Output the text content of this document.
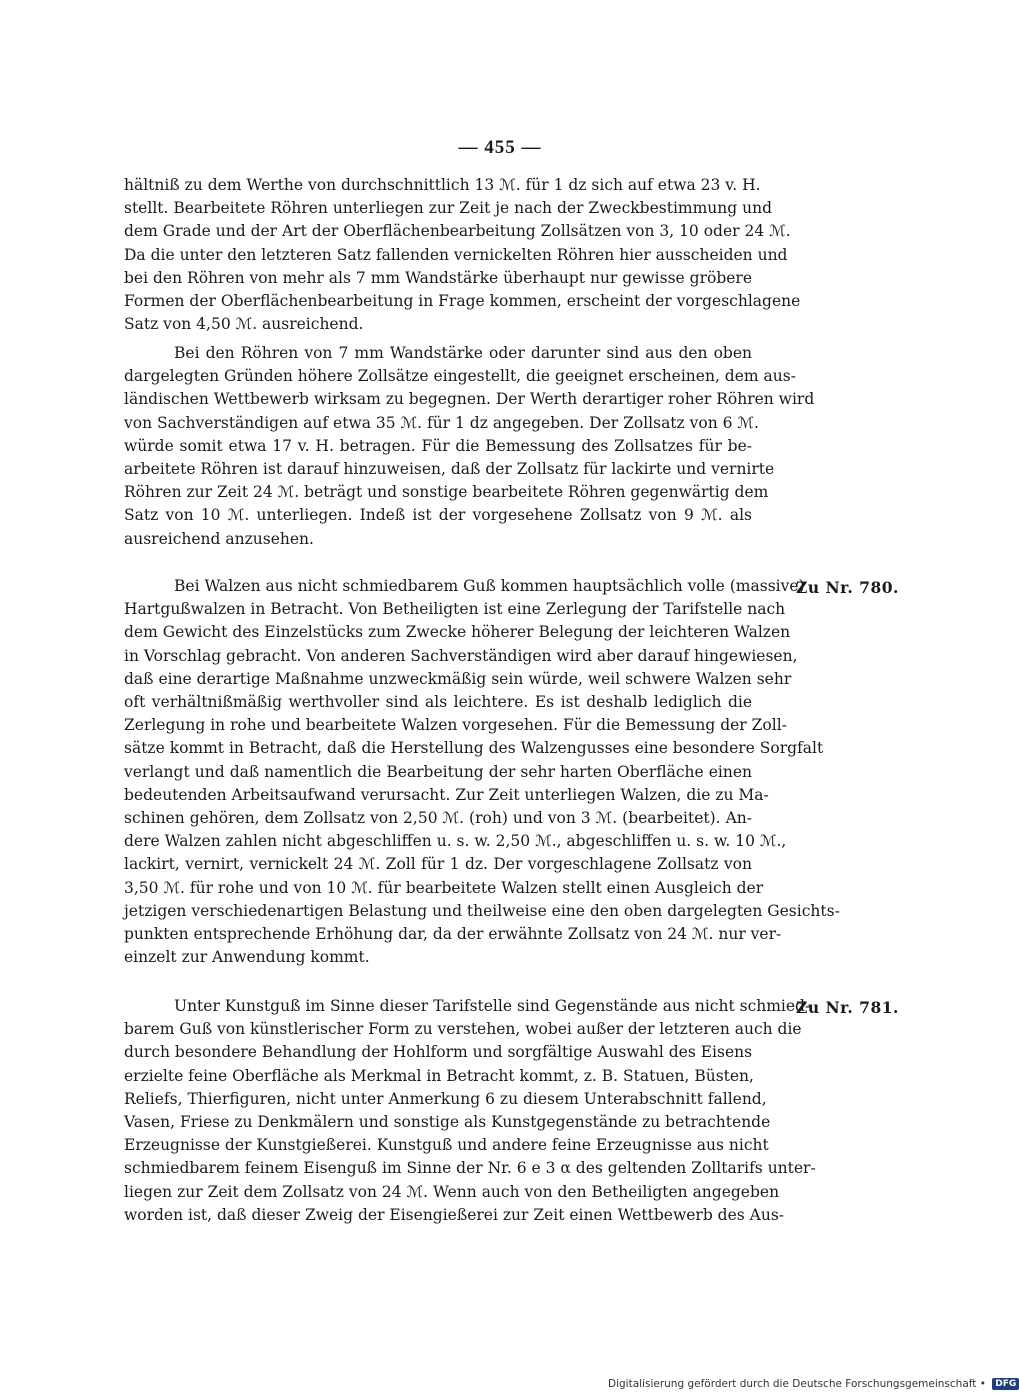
— 455 —
hältniß zu dem Werthe von durchschnittlich 13 ℳ. für 1 dz sich auf etwa 23 v. H.
stellt. Bearbeitete Röhren unterliegen zur Zeit je nach der Zweckbestimmung und
dem Grade und der Art der Oberflächenbearbeitung Zollsätzen von 3, 10 oder 24 ℳ.
Da die unter den letzteren Satz fallenden vernickelten Röhren hier ausscheiden und
bei den Röhren von mehr als 7 mm Wandstärke überhaupt nur gewisse gröbere
Formen der Oberflächenbearbeitung in Frage kommen, erscheint der vorgeschlagene
Satz von 4,50 ℳ. ausreichend.
Bei den Röhren von 7 mm Wandstärke oder darunter sind aus den oben
dargelegten Gründen höhere Zollsätze eingestellt, die geeignet erscheinen, dem aus-
ländischen Wettbewerb wirksam zu begegnen. Der Werth derartiger roher Röhren wird
von Sachverständigen auf etwa 35 ℳ. für 1 dz angegeben. Der Zollsatz von 6 ℳ.
würde somit etwa 17 v. H. betragen. Für die Bemessung des Zollsatzes für be-
arbeitete Röhren ist darauf hinzuweisen, daß der Zollsatz für lackirte und vernirte
Röhren zur Zeit 24 ℳ. beträgt und sonstige bearbeitete Röhren gegenwärtig dem
Satz von 10 ℳ. unterliegen. Indeß ist der vorgesehene Zollsatz von 9 ℳ. als
ausreichend anzusehen.
Bei Walzen aus nicht schmiedbarem Guß kommen hauptsächlich volle (massive)
Hartgußwalzen in Betracht. Von Betheiligten ist eine Zerlegung der Tarifstelle nach
dem Gewicht des Einzelstücks zum Zwecke höherer Belegung der leichteren Walzen
in Vorschlag gebracht. Von anderen Sachverständigen wird aber darauf hingewiesen,
daß eine derartige Maßnahme unzweckmäßig sein würde, weil schwere Walzen sehr
oft verhältnißmäßig werthvoller sind als leichtere. Es ist deshalb lediglich die
Zerlegung in rohe und bearbeitete Walzen vorgesehen. Für die Bemessung der Zoll-
sätze kommt in Betracht, daß die Herstellung des Walzengusses eine besondere Sorgfalt
verlangt und daß namentlich die Bearbeitung der sehr harten Oberfläche einen
bedeutenden Arbeitsaufwand verursacht. Zur Zeit unterliegen Walzen, die zu Ma-
schinen gehören, dem Zollsatz von 2,50 ℳ. (roh) und von 3 ℳ. (bearbeitet). An-
dere Walzen zahlen nicht abgeschliffen u. s. w. 2,50 ℳ., abgeschliffen u. s. w. 10 ℳ.,
lackirt, vernirt, vernickelt 24 ℳ. Zoll für 1 dz. Der vorgeschlagene Zollsatz von
3,50 ℳ. für rohe und von 10 ℳ. für bearbeitete Walzen stellt einen Ausgleich der
jetzigen verschiedenartigen Belastung und theilweise eine den oben dargelegten Gesichts-
punkten entsprechende Erhöhung dar, da der erwähnte Zollsatz von 24 ℳ. nur ver-
einzelt zur Anwendung kommt.
Unter Kunstguß im Sinne dieser Tarifstelle sind Gegenstände aus nicht schmied-
barem Guß von künstlerischer Form zu verstehen, wobei außer der letzteren auch die
durch besondere Behandlung der Hohlform und sorgfältige Auswahl des Eisens
erzielte feine Oberfläche als Merkmal in Betracht kommt, z. B. Statuen, Büsten,
Reliefs, Thierfiguren, nicht unter Anmerkung 6 zu diesem Unterabschnitt fallend,
Vasen, Friese zu Denkmälern und sonstige als Kunstgegenstände zu betrachtende
Erzeugnisse der Kunstgießerei. Kunstguß und andere feine Erzeugnisse aus nicht
schmiedbarem feinem Eisenguß im Sinne der Nr. 6 e 3 α des geltenden Zolltarifs unter-
liegen zur Zeit dem Zollsatz von 24 ℳ. Wenn auch von den Betheiligten angegeben
worden ist, daß dieser Zweig der Eisengießerei zur Zeit einen Wettbewerb des Aus-
Zu Nr. 780.
Zu Nr. 781.
Digitalisierung gefördert durch die Deutsche Forschungsgemeinschaft • DFG
